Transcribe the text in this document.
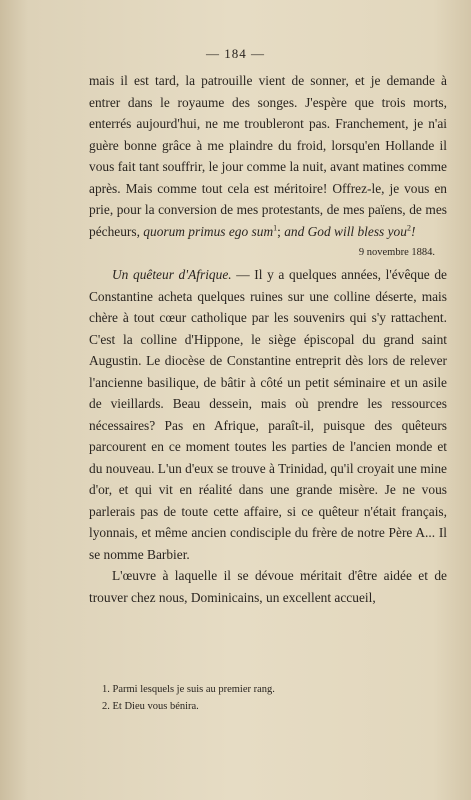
— 184 —

mais il est tard, la patrouille vient de sonner, et je demande à entrer dans le royaume des songes. J'espère que trois morts, enterrés aujourd'hui, ne me troubleront pas. Franchement, je n'ai guère bonne grâce à me plaindre du froid, lorsqu'en Hollande il vous fait tant souffrir, le jour comme la nuit, avant matines comme après. Mais comme tout cela est méritoire! Offrez-le, je vous en prie, pour la conversion de mes protestants, de mes païens, de mes pécheurs, quorum primus ego sum$^1$; and God will bless you$^2$!

9 novembre 1884.

Un quêteur d'Afrique. — Il y a quelques années, l'évêque de Constantine acheta quelques ruines sur une colline déserte, mais chère à tout cœur catholique par les souvenirs qui s'y rattachent. C'est la colline d'Hippone, le siège épiscopal du grand saint Augustin. Le diocèse de Constantine entreprit dès lors de relever l'ancienne basilique, de bâtir à côté un petit séminaire et un asile de vieillards. Beau dessein, mais où prendre les ressources nécessaires? Pas en Afrique, paraît-il, puisque des quêteurs parcourent en ce moment toutes les parties de l'ancien monde et du nouveau. L'un d'eux se trouve à Trinidad, qu'il croyait une mine d'or, et qui vit en réalité dans une grande misère. Je ne vous parlerais pas de toute cette affaire, si ce quêteur n'était français, lyonnais, et même ancien condisciple du frère de notre Père A... Il se nomme Barbier.

L'œuvre à laquelle il se dévoue méritait d'être aidée et de trouver chez nous, Dominicains, un excellent accueil,

1. Parmi lesquels je suis au premier rang.
2. Et Dieu vous bénira.
